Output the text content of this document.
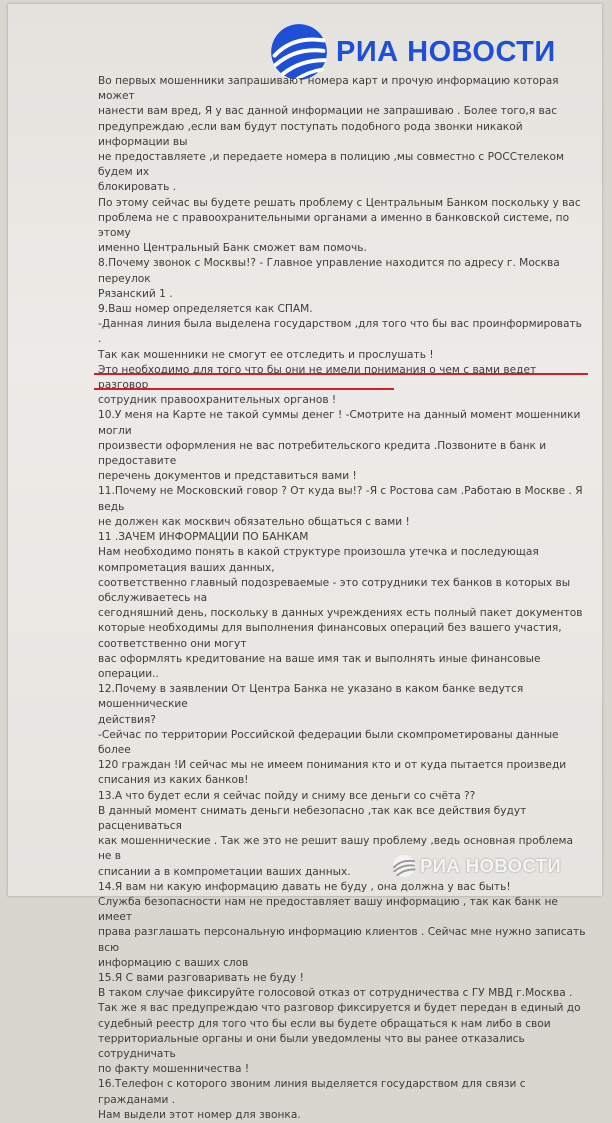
РИА НОВОСТИ

Во первых мошенники запрашивают номера карт и прочую информацию которая может

нанести вам вред, Я у вас данной информации не запрашиваю . Более того,я вас

предупреждаю ,если вам будут поступать подобного рода звонки никакой информации вы

не предоставляете ,и передаете номера в полицию ,мы совместно с РОССтелеком будем их

блокировать .

По этому сейчас вы будете решать проблему с Центральным Банком поскольку у вас

проблема не с правоохранительными органами а именно в банковской системе, по этому

именно Центральный Банк сможет вам помочь.

8.Почему звонок с Москвы!? - Главное управление находится по адресу г. Москва переулок

Рязанский 1 .

9.Ваш номер определяется как СПАМ.

-Данная линия была выделена государством ,для того что бы вас проинформировать .

Так как мошенники не смогут ее отследить и прослушать !

Это необходимо для того что бы они не имели понимания о чем с вами ведет разговор

сотрудник правоохранительных органов !

10.У меня на Карте не такой суммы денег ! -Смотрите на данный момент мошенники могли

произвести оформления не вас потребительского кредита .Позвоните в банк и предоставите

перечень документов и представиться вами !

11.Почему не Московский говор ? От куда вы!? -Я с Ростова сам .Работаю в Москве . Я ведь

не должен как москвич обязательно общаться с вами !

11 .ЗАЧЕМ ИНФОРМАЦИИ ПО БАНКАМ

Нам необходимо понять в какой структуре произошла утечка и последующая

компрометация ваших данных,

соответственно главный подозреваемые - это сотрудники тех банков в которых вы

обслуживаетесь на

сегодняшний день, поскольку в данных учреждениях есть полный пакет документов

которые необходимы для выполнения финансовых операций без вашего участия,

соответственно они могут

вас оформлять кредитование на ваше имя так и выполнять иные финансовые операции..

12.Почему в заявлении От Центра Банка не указано в каком банке ведутся мошеннические

действия?

-Сейчас по территории Российской федерации были скомпрометированы данные более

120 граждан !И сейчас мы не имеем понимания кто и от куда пытается произведи

списания из каких банков!

13.А что будет если я сейчас пойду и сниму все деньги со счёта ??

В данный момент снимать деньги небезопасно ,так как все действия будут расцениваться

как мошенничеcкие . Так же это не решит вашу проблему ,ведь основная проблема не в

списании а в компрометации ваших данных.

14.Я вам ни какую информацию давать не буду , она должна у вас быть!

Служба безопасности нам не предоставляет вашу информацию , так как банк не имеет

права разглашать персональную информацию клиентов . Сейчас мне нужно записать всю

информацию с ваших слов

15.Я С вами разговаривать не буду !

В таком случае фиксируйте голосовой отказ от сотрудничества с ГУ МВД г.Москва .

Так же я вас предупреждаю что разговор фиксируется и будет передан в единый до

судебный реестр для того что бы если вы будете обращаться к нам либо в свои

территориальные органы и они были уведомлены что вы ранее отказались сотрудничать

по факту мошенничества !

16.Телефон с которого звоним линия выделяется государством для связи с гражданами .

Нам выдели этот номер для звонка.

РИА НОВОСТИ
